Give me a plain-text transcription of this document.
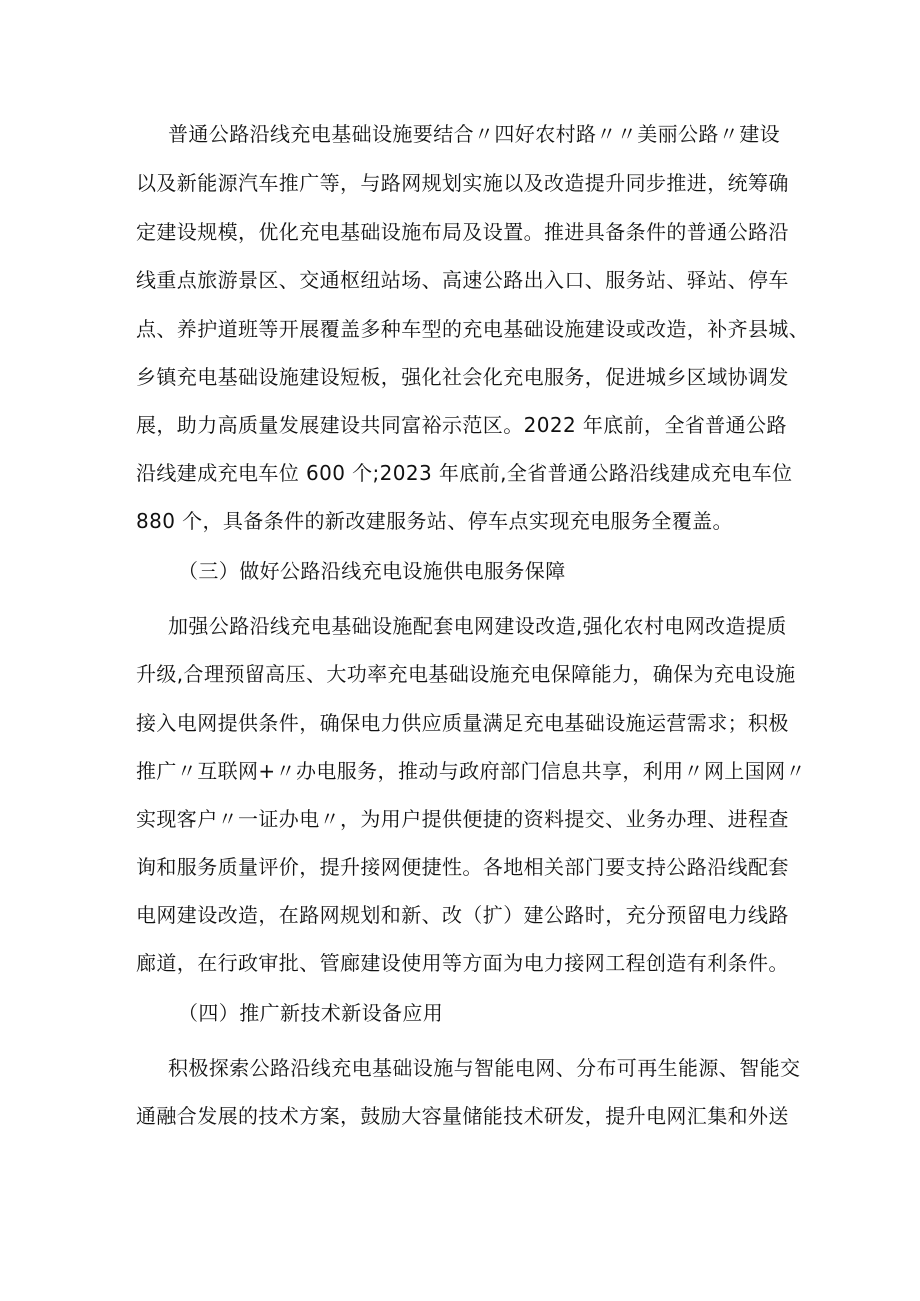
普通公路沿线充电基础设施要结合〃四好农村路〃〃美丽公路〃建设
以及新能源汽车推广等，与路网规划实施以及改造提升同步推进，统筹确
定建设规模，优化充电基础设施布局及设置。推进具备条件的普通公路沿
线重点旅游景区、交通枢纽站场、高速公路出入口、服务站、驿站、停车
点、养护道班等开展覆盖多种车型的充电基础设施建设或改造，补齐县城、
乡镇充电基础设施建设短板，强化社会化充电服务，促进城乡区域协调发
展，助力高质量发展建设共同富裕示范区。2022 年底前，全省普通公路
沿线建成充电车位 600 个;2023 年底前,全省普通公路沿线建成充电车位
880 个，具备条件的新改建服务站、停车点实现充电服务全覆盖。
（三）做好公路沿线充电设施供电服务保障
加强公路沿线充电基础设施配套电网建设改造,强化农村电网改造提质
升级,合理预留高压、大功率充电基础设施充电保障能力，确保为充电设施
接入电网提供条件，确保电力供应质量满足充电基础设施运营需求；积极
推广〃互联网+〃办电服务，推动与政府部门信息共享，利用〃网上国网〃
实现客户〃一证办电〃，为用户提供便捷的资料提交、业务办理、进程查
询和服务质量评价，提升接网便捷性。各地相关部门要支持公路沿线配套
电网建设改造，在路网规划和新、改（扩）建公路时，充分预留电力线路
廊道，在行政审批、管廊建设使用等方面为电力接网工程创造有利条件。
（四）推广新技术新设备应用
积极探索公路沿线充电基础设施与智能电网、分布可再生能源、智能交
通融合发展的技术方案，鼓励大容量储能技术研发，提升电网汇集和外送
